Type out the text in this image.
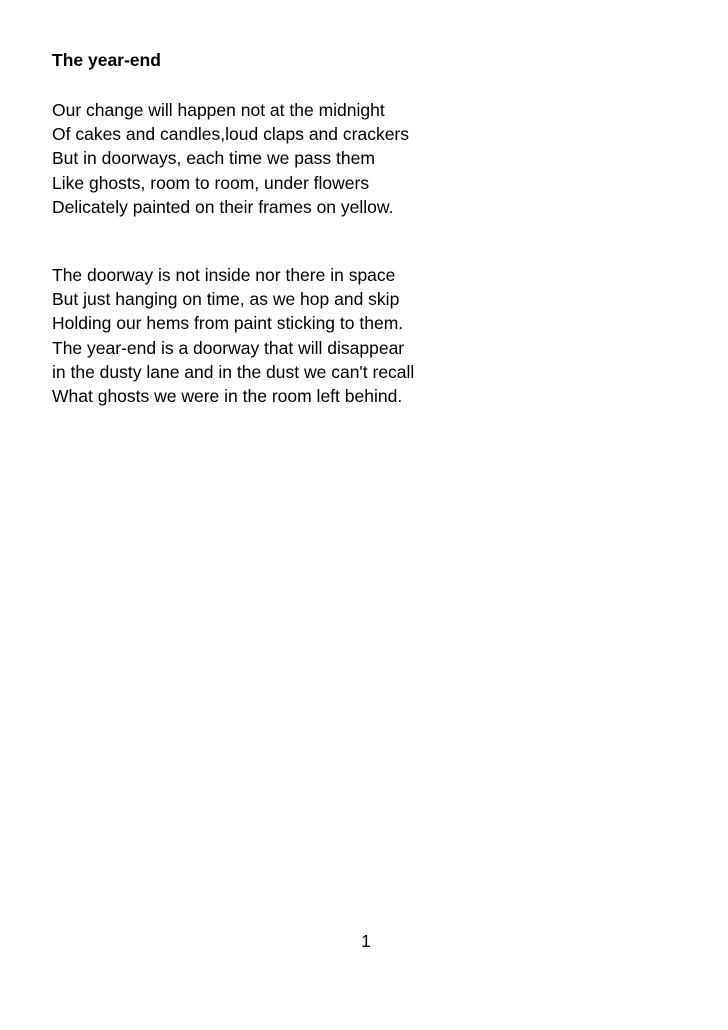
The year-end
Our change will happen not at the midnight
Of cakes and candles,loud claps and crackers
But in doorways, each time we pass them
Like ghosts, room to room, under flowers
Delicately painted on their frames on yellow.
The doorway is not inside nor there in space
But just hanging on time, as we hop and skip
Holding our hems from paint sticking to them.
The year-end is a doorway that will disappear
in the dusty lane and in the dust we can't recall
What ghosts we were in the room left behind.
1
